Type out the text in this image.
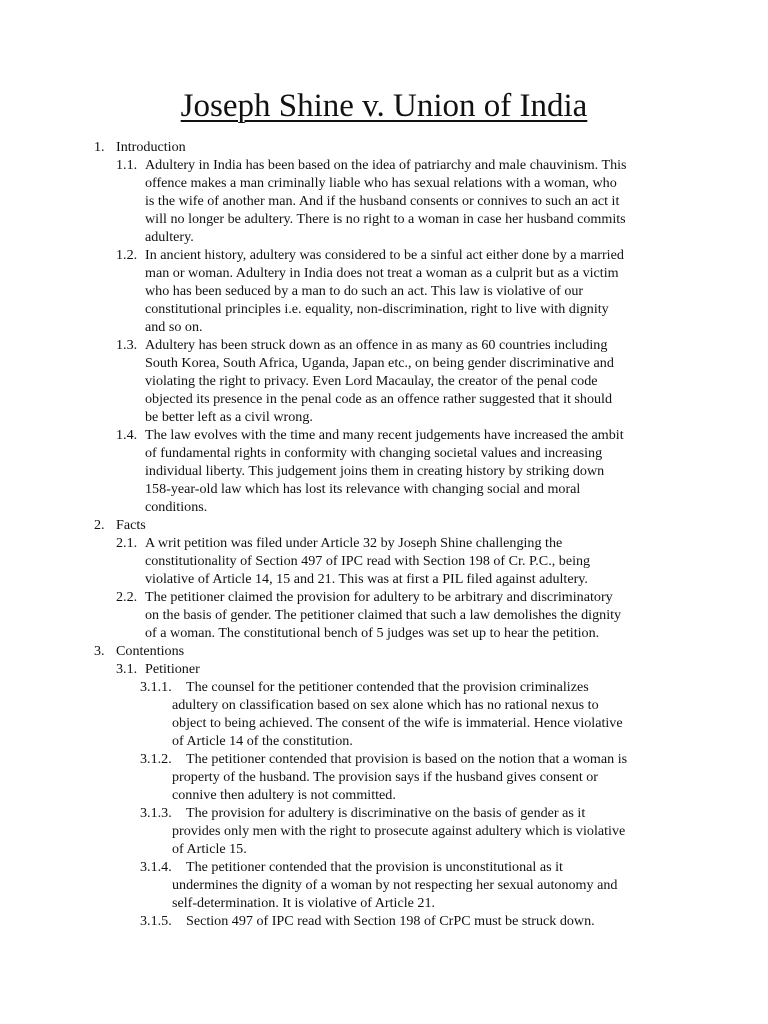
Joseph Shine v. Union of India
1. Introduction
1.1. Adultery in India has been based on the idea of patriarchy and male chauvinism. This
offence makes a man criminally liable who has sexual relations with a woman, who
is the wife of another man. And if the husband consents or connives to such an act it
will no longer be adultery. There is no right to a woman in case her husband commits
adultery.
1.2. In ancient history, adultery was considered to be a sinful act either done by a married
man or woman. Adultery in India does not treat a woman as a culprit but as a victim
who has been seduced by a man to do such an act. This law is violative of our
constitutional principles i.e. equality, non-discrimination, right to live with dignity
and so on.
1.3. Adultery has been struck down as an offence in as many as 60 countries including
South Korea, South Africa, Uganda, Japan etc., on being gender discriminative and
violating the right to privacy. Even Lord Macaulay, the creator of the penal code
objected its presence in the penal code as an offence rather suggested that it should
be better left as a civil wrong.
1.4. The law evolves with the time and many recent judgements have increased the ambit
of fundamental rights in conformity with changing societal values and increasing
individual liberty. This judgement joins them in creating history by striking down
158-year-old law which has lost its relevance with changing social and moral
conditions.
2. Facts
2.1. A writ petition was filed under Article 32 by Joseph Shine challenging the
constitutionality of Section 497 of IPC read with Section 198 of Cr. P.C., being
violative of Article 14, 15 and 21. This was at first a PIL filed against adultery.
2.2. The petitioner claimed the provision for adultery to be arbitrary and discriminatory
on the basis of gender. The petitioner claimed that such a law demolishes the dignity
of a woman. The constitutional bench of 5 judges was set up to hear the petition.
3. Contentions
3.1. Petitioner
3.1.1.	The counsel for the petitioner contended that the provision criminalizes
adultery on classification based on sex alone which has no rational nexus to
object to being achieved. The consent of the wife is immaterial. Hence violative
of Article 14 of the constitution.
3.1.2.	The petitioner contended that provision is based on the notion that a woman is
property of the husband. The provision says if the husband gives consent or
connive then adultery is not committed.
3.1.3.	The provision for adultery is discriminative on the basis of gender as it
provides only men with the right to prosecute against adultery which is violative
of Article 15.
3.1.4.	The petitioner contended that the provision is unconstitutional as it
undermines the dignity of a woman by not respecting her sexual autonomy and
self-determination. It is violative of Article 21.
3.1.5.	Section 497 of IPC read with Section 198 of CrPC must be struck down.
